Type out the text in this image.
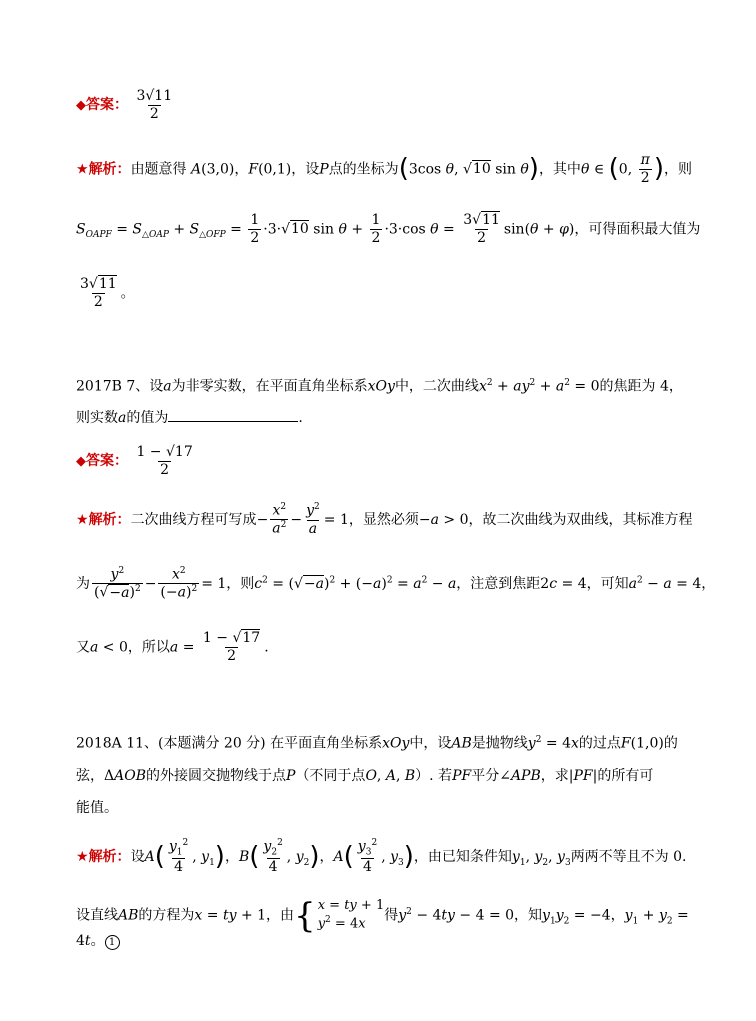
◆答案： $\frac{3√11}{2}$
★解析：由题意得 A(3,0)，F(0,1)，设P点的坐标为(3cos θ, √10 sin θ)，其中θ ∈ (0, $\frac{\pi}{2}$ )，则
$S_{OAPF} = S_{\triangle OAP} + S_{\triangle OFP} = \frac{1}{2} \cdot 3\cdot√10$ $\sin \theta + \frac{1}{2} \cdot 3\cdot\cos$ $\theta = \frac{3√11}{2} \sin(\theta + \varphi)$，可得面积最大值为
$\frac{3√11}{2}$ 。
2017B 7、设a为非零实数，在平面直角坐标系xOy中，二次曲线$x^2 + ay^2 + a^2 = 0$的焦距为 4，
则实数a的值为	.
◆答案： $\frac{1 - √17}{2}$
★解析：二次曲线方程可写成− $\frac{x^2}{a^2} - \frac{y^2}{a} = 1$，显然必须−a > 0，故二次曲线为双曲线，其标准方程
为 $\frac{y^2}{(√-a)^2} - \frac{x^2}{(-a)^2} = 1$，则$c^2 = (√-a)^2 + (-a)^2 = a^2 - a$，注意到焦距2c = 4，可知$a^2 - a = 4$，
又a < 0，所以$a = \frac{1 - √17}{2}$ .
2018A 11、(本题满分 20 分) 在平面直角坐标系xOy中，设AB是抛物线$y^2 = 4x$的过点F(1,0)的
弦，ΔAOB的外接圆交抛物线于点P（不同于点O, A, B）. 若PF平分∠APB，求|PF|的所有可
能值。
★解析：设$A( \frac{y_1^2}{4}$ , $y_1$)，$B( \frac{y_2^2}{4}$ , $y_2$)，$A( \frac{y_3^2}{4}$ , $y_3$)，由已知条件知$y_1$, $y_2$, $y_3$两两不等且不为 0.
设直线AB的方程为x = ty + 1，由 { x = ty + 1
$y^2 = 4x$
得$y^2 - 4ty - 4 = 0$，知$y_1y_2 = -4$，$y_1 + y_2 = 4t$。 1
